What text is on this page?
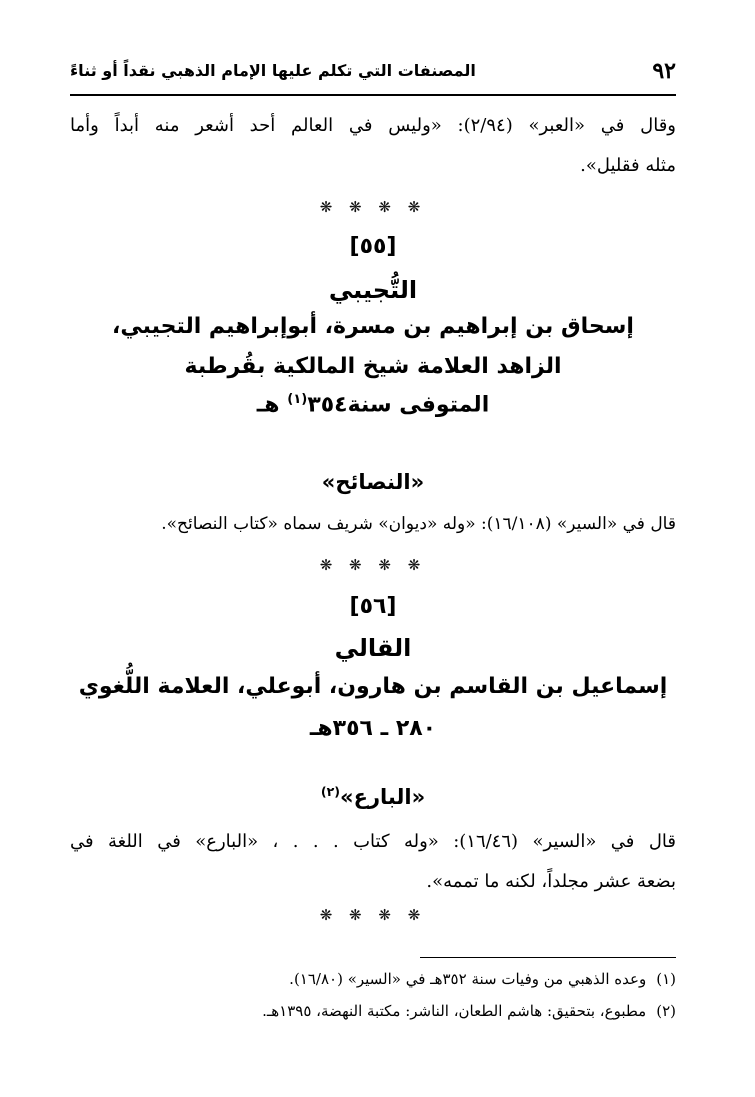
٩٢
المصنفات التي تكلم عليها الإمام الذهبي نقداً أو ثناءً
وقال في «العبر» (٢/٩٤): «وليس في العالم أحد أشعر منه أبداً وأما
مثله فقليل».
❋ ❋ ❋ ❋
[٥٥]
التُّجيبي
إسحاق بن إبراهيم بن مسرة، أبوإبراهيم التجيبي،
الزاهد العلامة شيخ المالكية بقُرطبة
المتوفى سنة٣٥٤$^{(١)}$ هـ
«النصائح»
قال في «السير» (١٦/١٠٨): «وله «ديوان» شريف سماه «كتاب النصائح».
❋ ❋ ❋ ❋
[٥٦]
القالي
إسماعيل بن القاسم بن هارون، أبوعلي، العلامة اللُّغوي
٢٨٠ ـ ٣٥٦هـ
«البارع»$^{(٢)}$
قال في «السير» (١٦/٤٦): «وله كتاب . . . ، «البارع» في اللغة في
بضعة عشر مجلداً، لكنه ما تممه».
❋ ❋ ❋ ❋
(١)وعده الذهبي من وفيات سنة ٣٥٢هـ في «السير» (١٦/٨٠).
(٢)مطبوع، بتحقيق: هاشم الطعان، الناشر: مكتبة النهضة، ١٣٩٥هـ.
